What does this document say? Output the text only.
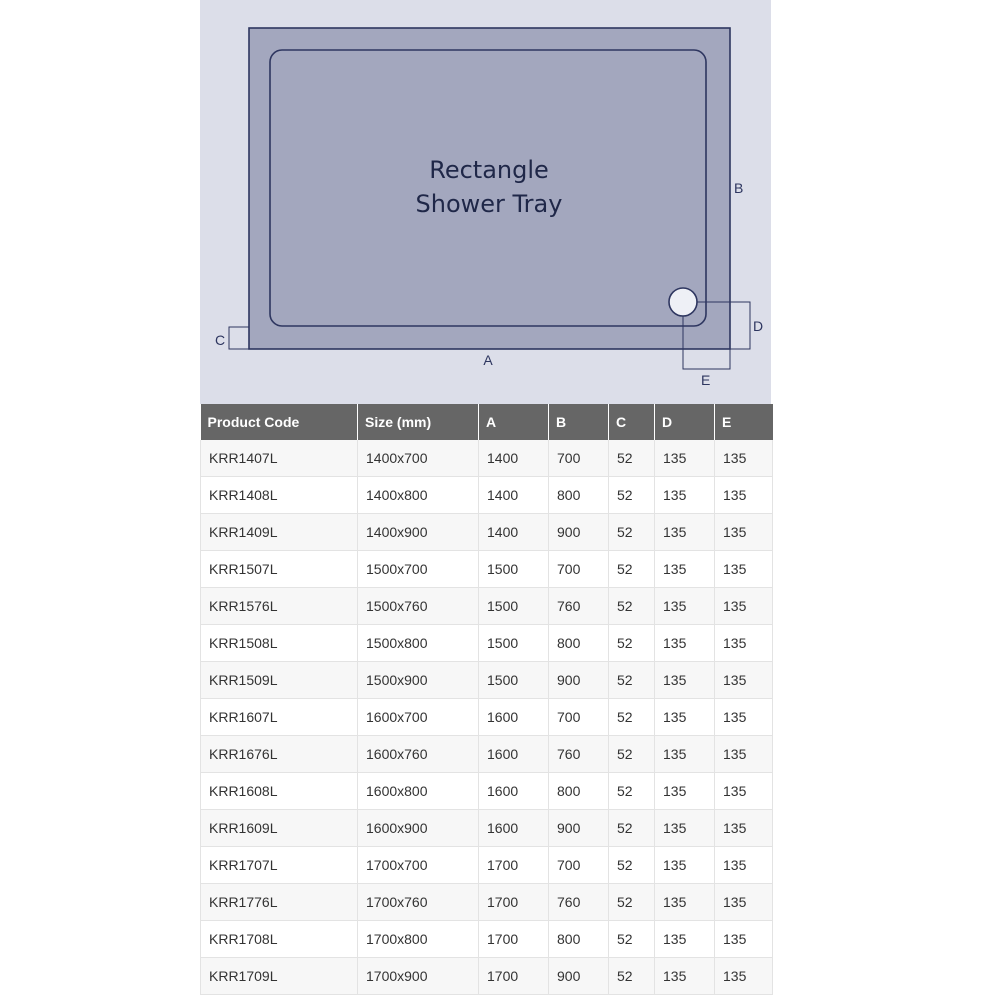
Rectangle
Shower Tray
A
B
C
D
E
Product Code	Size (mm)	A	B	C	D	E
KRR1407L	1400x700	1400	700	52	135	135
KRR1408L	1400x800	1400	800	52	135	135
KRR1409L	1400x900	1400	900	52	135	135
KRR1507L	1500x700	1500	700	52	135	135
KRR1576L	1500x760	1500	760	52	135	135
KRR1508L	1500x800	1500	800	52	135	135
KRR1509L	1500x900	1500	900	52	135	135
KRR1607L	1600x700	1600	700	52	135	135
KRR1676L	1600x760	1600	760	52	135	135
KRR1608L	1600x800	1600	800	52	135	135
KRR1609L	1600x900	1600	900	52	135	135
KRR1707L	1700x700	1700	700	52	135	135
KRR1776L	1700x760	1700	760	52	135	135
KRR1708L	1700x800	1700	800	52	135	135
KRR1709L	1700x900	1700	900	52	135	135
